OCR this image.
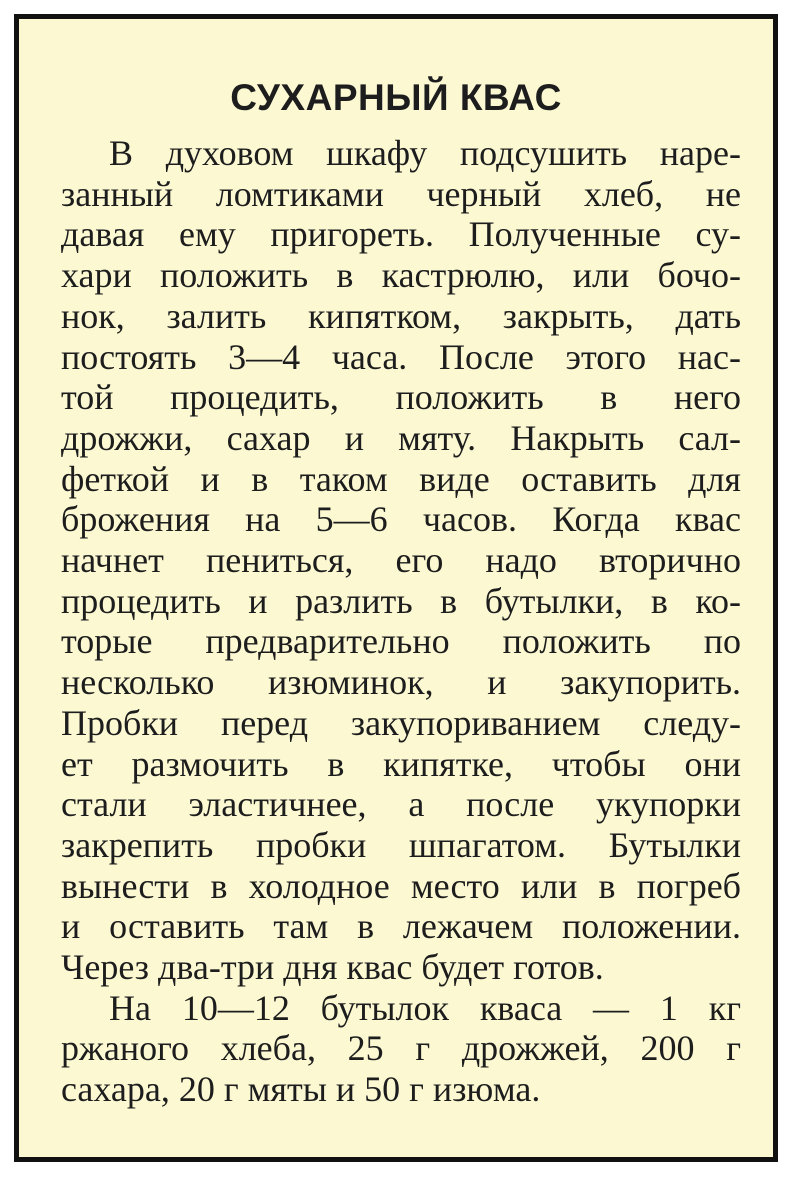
СУХАРНЫЙ КВАС
В духовом шкафу подсушить наре-
занный ломтиками черный хлеб, не
давая ему пригореть. Полученные су-
хари положить в кастрюлю, или бочо-
нок, залить кипятком, закрыть, дать
постоять 3—4 часа. После этого нас-
той процедить, положить в него
дрожжи, сахар и мяту. Накрыть сал-
феткой и в таком виде оставить для
брожения на 5—6 часов. Когда квас
начнет пениться, его надо вторично
процедить и разлить в бутылки, в ко-
торые предварительно положить по
несколько изюминок, и закупорить.
Пробки перед закупориванием следу-
ет размочить в кипятке, чтобы они
стали эластичнее, а после укупорки
закрепить пробки шпагатом. Бутылки
вынести в холодное место или в погреб
и оставить там в лежачем положении.
Через два-три дня квас будет готов.
На 10—12 бутылок кваса — 1 кг
ржаного хлеба, 25 г дрожжей, 200 г
сахара, 20 г мяты и 50 г изюма.
